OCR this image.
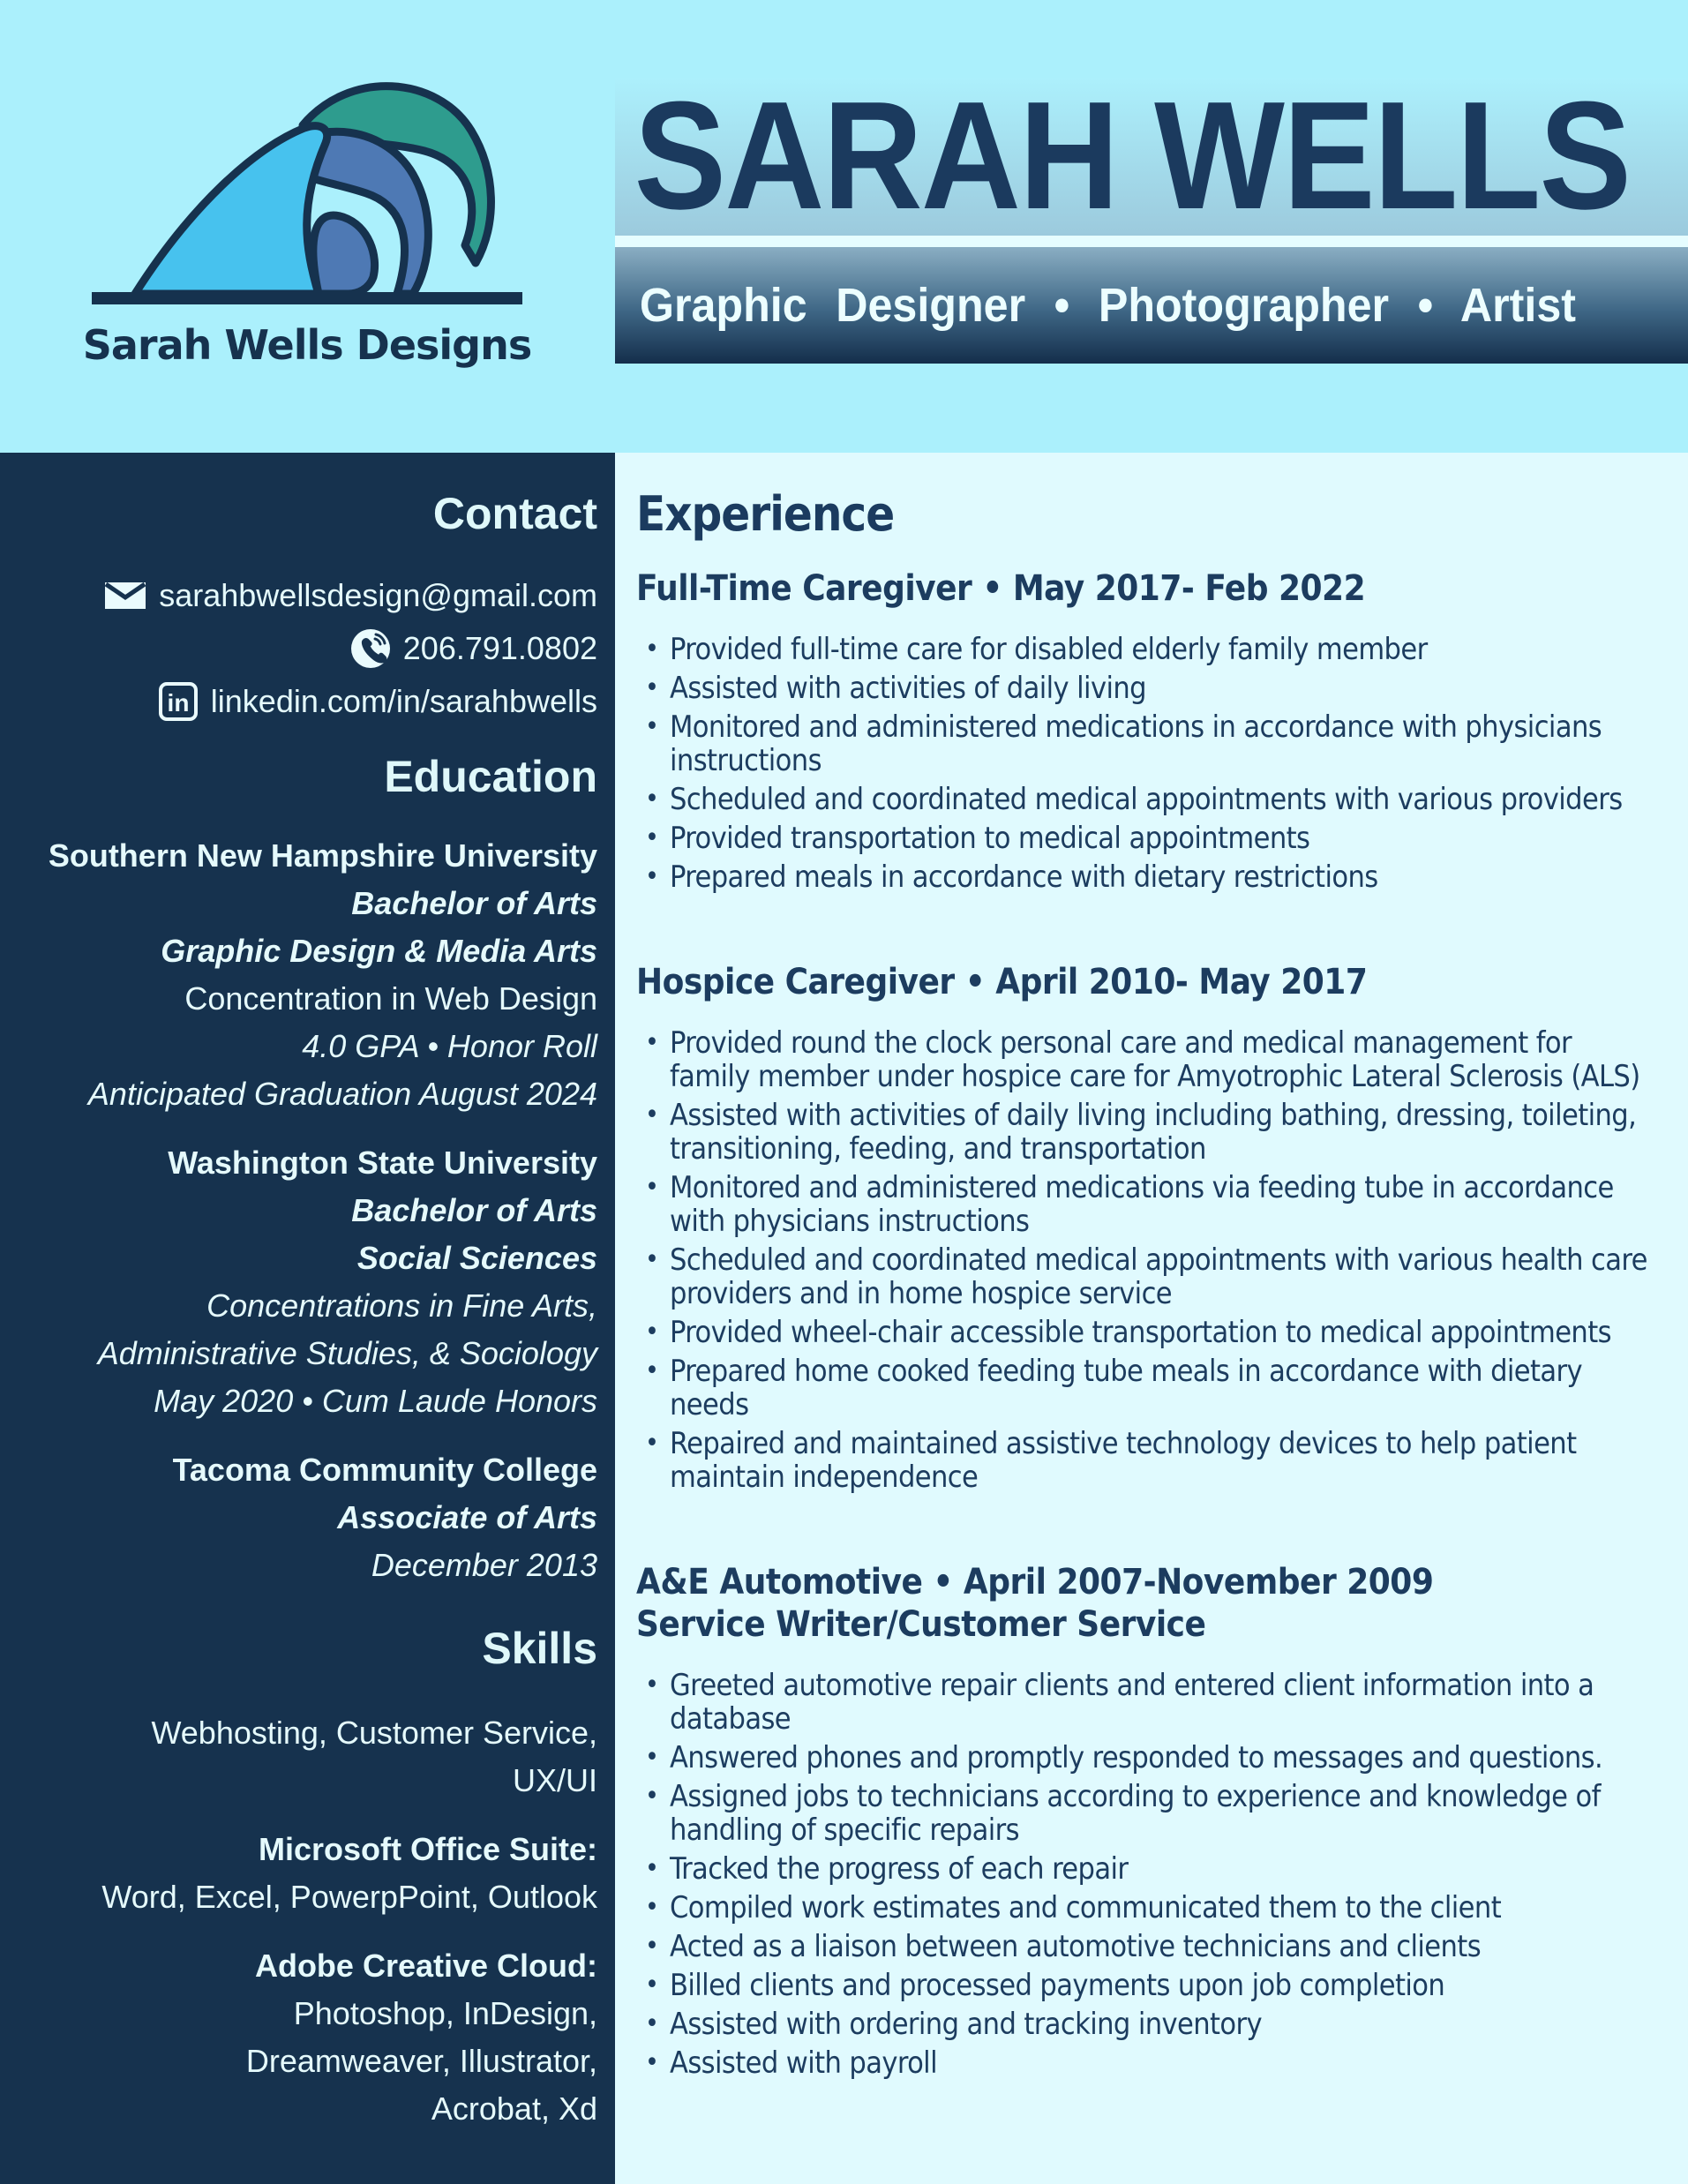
Sarah Wells Designs
SARAH WELLS
Graphic Designer • Photographer • Artist
Contact
sarahbwellsdesign@gmail.com
206.791.0802
in linkedin.com/in/sarahbwells
Education
Southern New Hampshire University
Bachelor of Arts
Graphic Design & Media Arts
Concentration in Web Design
4.0 GPA • Honor Roll
Anticipated Graduation August 2024
Washington State University
Bachelor of Arts
Social Sciences
Concentrations in Fine Arts,
Administrative Studies, & Sociology
May 2020 • Cum Laude Honors
Tacoma Community College
Associate of Arts
December 2013
Skills
Webhosting, Customer Service,
UX/UI
Microsoft Office Suite:
Word, Excel, PowerpPoint, Outlook
Adobe Creative Cloud:
Photoshop, InDesign,
Dreamweaver, Illustrator,
Acrobat, Xd
Experience
Full-Time Caregiver • May 2017- Feb 2022
•
Provided full-time care for disabled elderly family member
•
Assisted with activities of daily living
•
Monitored and administered medications in accordance with physicians instructions
•
Scheduled and coordinated medical appointments with various providers
•
Provided transportation to medical appointments
•
Prepared meals in accordance with dietary restrictions
Hospice Caregiver • April 2010- May 2017
•
Provided round the clock personal care and medical management for family member under hospice care for Amyotrophic Lateral Sclerosis (ALS)
•
Assisted with activities of daily living including bathing, dressing, toileting, transitioning, feeding, and transportation
•
Monitored and administered medications via feeding tube in accordance with physicians instructions
•
Scheduled and coordinated medical appointments with various health care providers and in home hospice service
•
Provided wheel-chair accessible transportation to medical appointments
•
Prepared home cooked feeding tube meals in accordance with dietary needs
•
Repaired and maintained assistive technology devices to help patient maintain independence
A&E Automotive • April 2007-November 2009
Service Writer/Customer Service
•
Greeted automotive repair clients and entered client information into a database
•
Answered phones and promptly responded to messages and questions.
•
Assigned jobs to technicians according to experience and knowledge of handling of specific repairs
•
Tracked the progress of each repair
•
Compiled work estimates and communicated them to the client
•
Acted as a liaison between automotive technicians and clients
•
Billed clients and processed payments upon job completion
•
Assisted with ordering and tracking inventory
•
Assisted with payroll
